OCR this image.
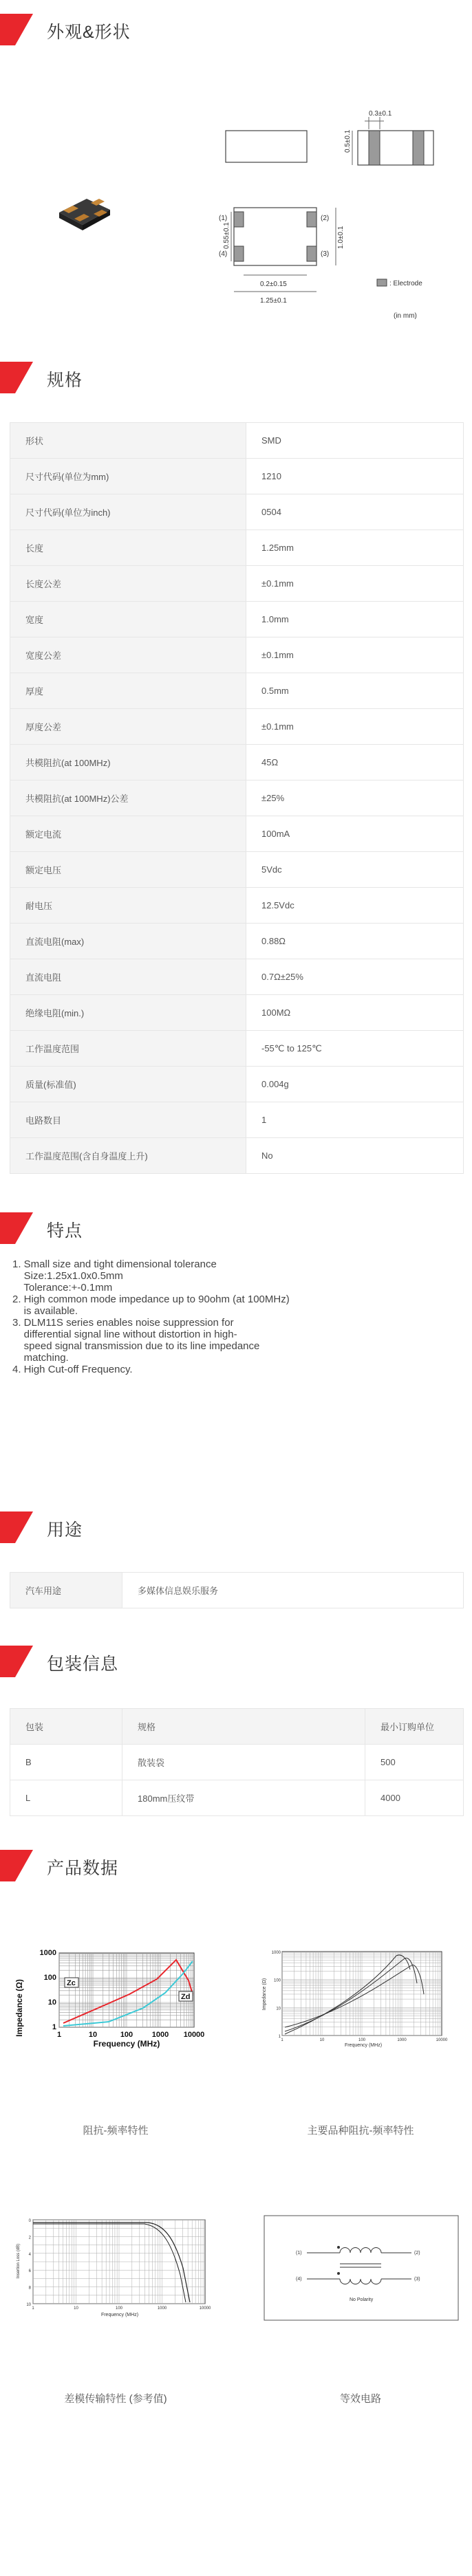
外观&形状
0.3±0.1
0.5±0.1
(1)
(4)
(2)
(3)
0.55±0.1	1.0±0.1
0.2±0.15
1.25±0.1
: Electrode
(in mm)
规格
形状	SMD
尺寸代码(单位为mm)	1210
尺寸代码(单位为inch)	0504
长度	1.25mm
长度公差	±0.1mm
宽度	1.0mm
宽度公差	±0.1mm
厚度	0.5mm
厚度公差	±0.1mm
共模阻抗(at 100MHz)	45Ω
共模阻抗(at 100MHz)公差	±25%
额定电流	100mA
额定电压	5Vdc
耐电压	12.5Vdc
直流电阻(max)	0.88Ω
直流电阻	0.7Ω±25%
绝缘电阻(min.)	100MΩ
工作温度范围	-55℃ to 125℃
质量(标准值)	0.004g
电路数目	1
工作温度范围(含自身温度上升)	No
特点
1. Small size and tight dimensional tolerance
Size:1.25x1.0x0.5mm
Tolerance:+-0.1mm
2. High common mode impedance up to 90ohm (at 100MHz)
is available.
3. DLM11S series enables noise suppression for
differential signal line without distortion in high-
speed signal transmission due to its line impedance
matching.
4. High Cut-off Frequency.
用途
汽车用途	多媒体信息娱乐服务
包装信息
包装	规格	最小订购单位
B	散装袋	500
L	180mm压纹带	4000
产品数据
Impedance (Ω)
Frequency (MHz)
1000
100
10
1
1	10	100	1000 10000
Zc
Zd
阻抗-频率特性
Impedance (Ω)
Frequency (MHz)
1000
100
10
1
1	10	100	1000	10000
主要品种阻抗-频率特性
Insertion Loss (dB)
Frequency (MHz)
0
2
4
6
8
10
1	10	100	1000	10000
差模传输特性 (参考值)
(1)	(2)
(3)
(4)
No Polarity
等效电路
